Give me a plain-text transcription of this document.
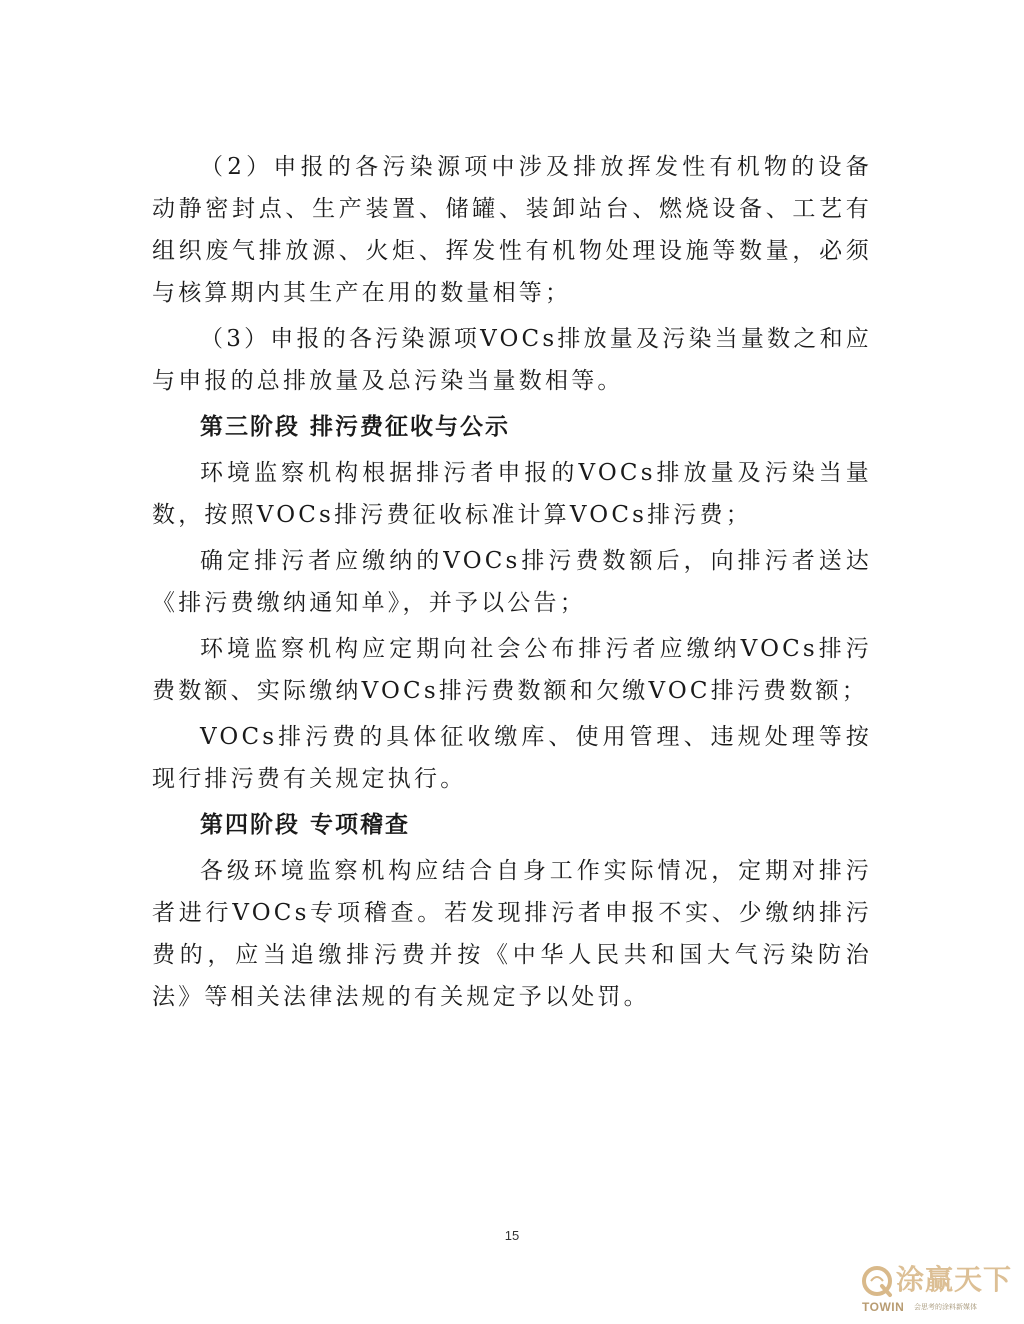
（2）申报的各污染源项中涉及排放挥发性有机物的设备动静密封点、生产装置、储罐、装卸站台、燃烧设备、工艺有组织废气排放源、火炬、挥发性有机物处理设施等数量，必须与核算期内其生产在用的数量相等；

（3）申报的各污染源项VOCs排放量及污染当量数之和应与申报的总排放量及总污染当量数相等。

第三阶段 排污费征收与公示

环境监察机构根据排污者申报的VOCs排放量及污染当量数，按照VOCs排污费征收标准计算VOCs排污费；

确定排污者应缴纳的VOCs排污费数额后，向排污者送达《排污费缴纳通知单》，并予以公告；

环境监察机构应定期向社会公布排污者应缴纳VOCs排污费数额、实际缴纳VOCs排污费数额和欠缴VOC排污费数额；

VOCs排污费的具体征收缴库、使用管理、违规处理等按现行排污费有关规定执行。

第四阶段 专项稽查

各级环境监察机构应结合自身工作实际情况，定期对排污者进行VOCs专项稽查。若发现排污者申报不实、少缴纳排污费的，应当追缴排污费并按《中华人民共和国大气污染防治法》等相关法律法规的有关规定予以处罚。

15
涂赢天下
TOWIN 会思考的涂料新媒体
